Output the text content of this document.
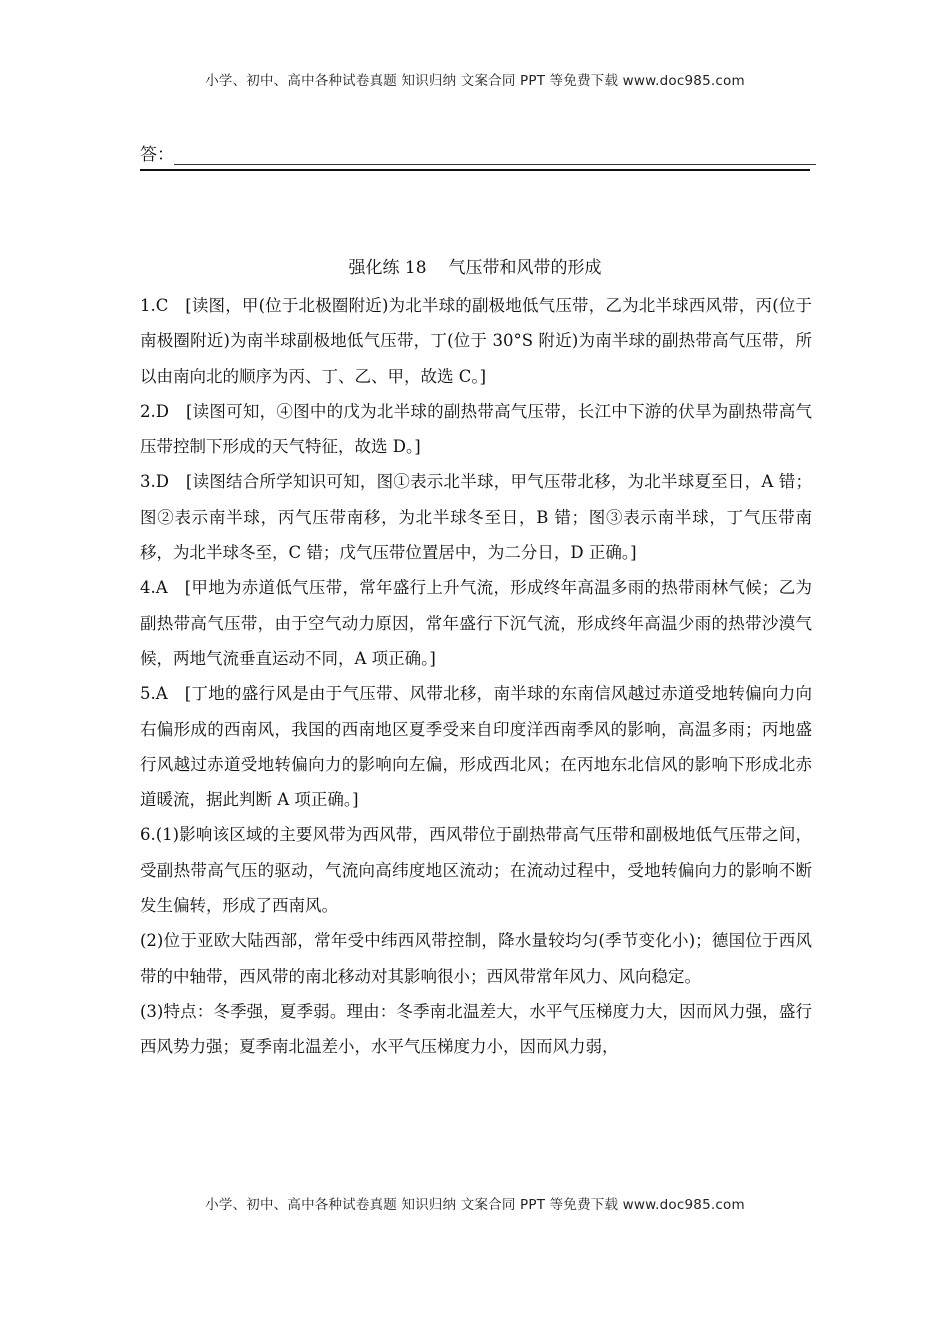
小学、初中、高中各种试卷真题 知识归纳 文案合同 PPT 等免费下载 www.doc985.com
答：
强化练 18 气压带和风带的形成

1.C　[读图，甲(位于北极圈附近)为北半球的副极地低气压带，乙为北半球西风带，丙(位于南极圈附近)为南半球副极地低气压带，丁(位于 30°S 附近)为南半球的副热带高气压带，所以由南向北的顺序为丙、丁、乙、甲，故选 C。]

2.D　[读图可知，④图中的戊为北半球的副热带高气压带，长江中下游的伏旱为副热带高气压带控制下形成的天气特征，故选 D。]

3.D　[读图结合所学知识可知，图①表示北半球，甲气压带北移，为北半球夏至日，A 错；图②表示南半球，丙气压带南移，为北半球冬至日，B 错；图③表示南半球，丁气压带南移，为北半球冬至，C 错；戊气压带位置居中，为二分日，D 正确。]

4.A　[甲地为赤道低气压带，常年盛行上升气流，形成终年高温多雨的热带雨林气候；乙为副热带高气压带，由于空气动力原因，常年盛行下沉气流，形成终年高温少雨的热带沙漠气候，两地气流垂直运动不同，A 项正确。]

5.A　[丁地的盛行风是由于气压带、风带北移，南半球的东南信风越过赤道受地转偏向力向右偏形成的西南风，我国的西南地区夏季受来自印度洋西南季风的影响，高温多雨；丙地盛行风越过赤道受地转偏向力的影响向左偏，形成西北风；在丙地东北信风的影响下形成北赤道暖流，据此判断 A 项正确。]

6.(1)影响该区域的主要风带为西风带，西风带位于副热带高气压带和副极地低气压带之间，受副热带高气压的驱动，气流向高纬度地区流动；在流动过程中，受地转偏向力的影响不断发生偏转，形成了西南风。

(2)位于亚欧大陆西部，常年受中纬西风带控制，降水量较均匀(季节变化小)；德国位于西风带的中轴带，西风带的南北移动对其影响很小；西风带常年风力、风向稳定。

(3)特点：冬季强，夏季弱。理由：冬季南北温差大，水平气压梯度力大，因而风力强，盛行西风势力强；夏季南北温差小，水平气压梯度力小，因而风力弱，

小学、初中、高中各种试卷真题 知识归纳 文案合同 PPT 等免费下载 www.doc985.com
